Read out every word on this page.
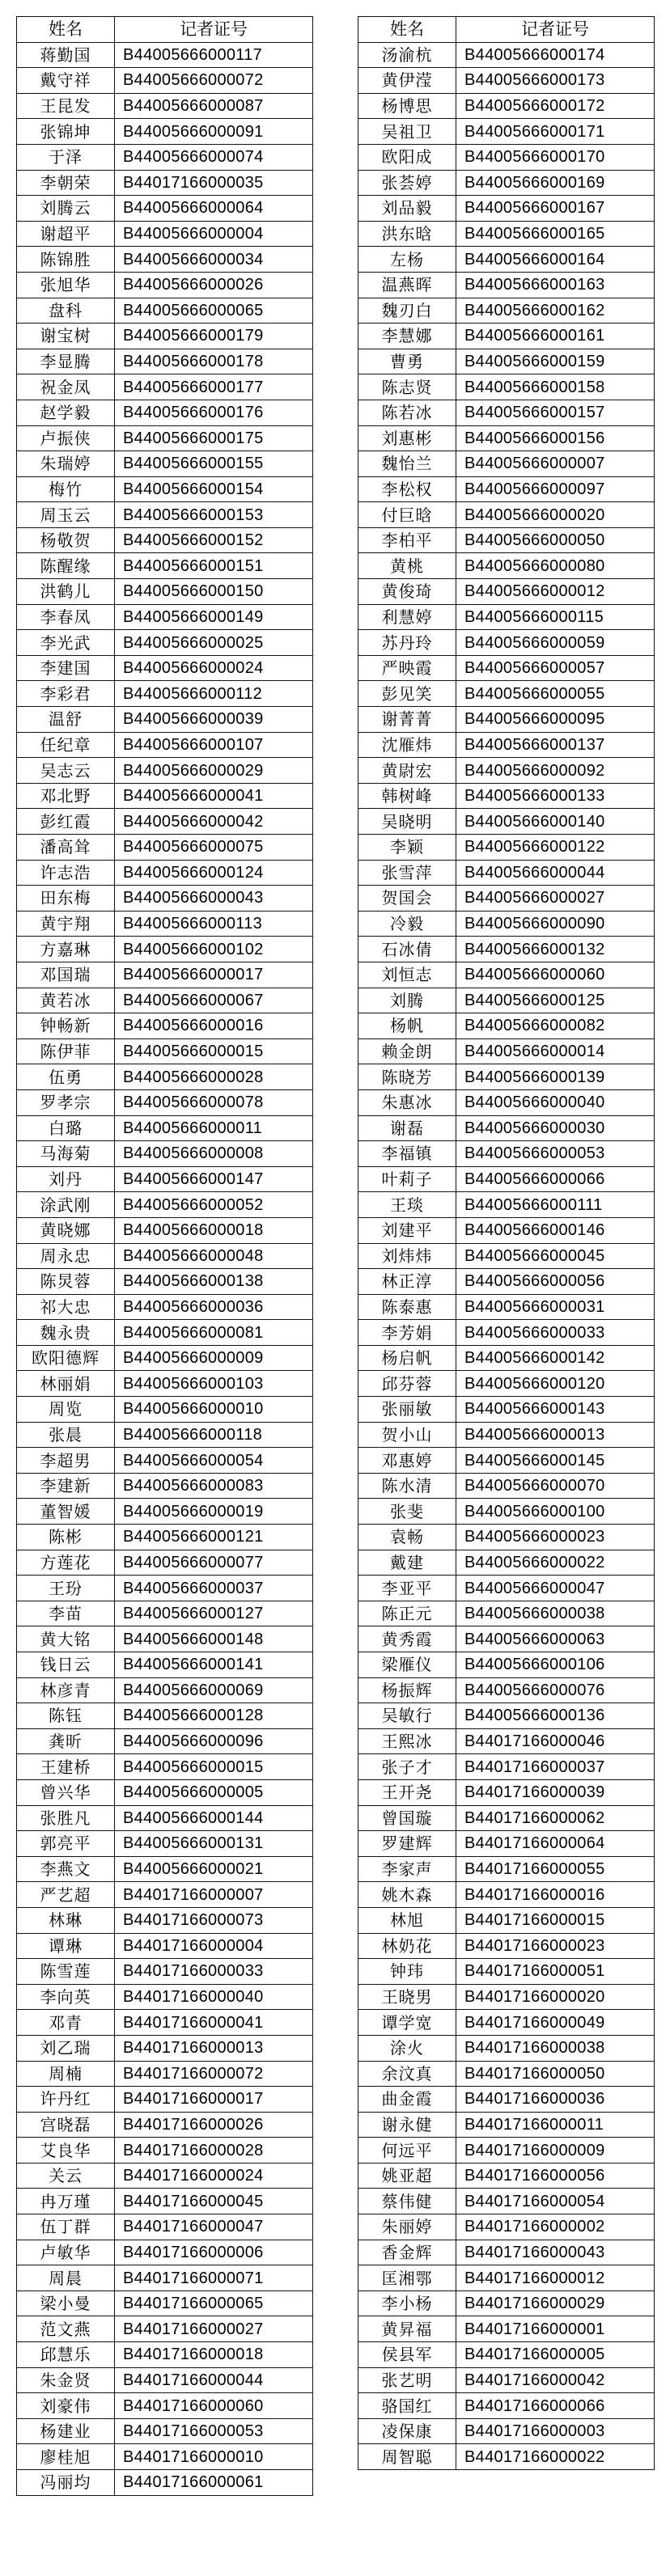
姓名	记者证号
蒋勤国	B44005666000117
戴守祥	B44005666000072
王昆发	B44005666000087
张锦坤	B44005666000091
于泽	B44005666000074
李朝荣	B44017166000035
刘腾云	B44005666000064
谢超平	B44005666000004
陈锦胜	B44005666000034
张旭华	B44005666000026
盘科	B44005666000065
谢宝树	B44005666000179
李显腾	B44005666000178
祝金凤	B44005666000177
赵学毅	B44005666000176
卢振侠	B44005666000175
朱瑞婷	B44005666000155
梅竹	B44005666000154
周玉云	B44005666000153
杨敬贺	B44005666000152
陈醒缘	B44005666000151
洪鹤儿	B44005666000150
李春凤	B44005666000149
李光武	B44005666000025
李建国	B44005666000024
李彩君	B44005666000112
温舒	B44005666000039
任纪章	B44005666000107
吴志云	B44005666000029
邓北野	B44005666000041
彭红霞	B44005666000042
潘高耸	B44005666000075
许志浩	B44005666000124
田东梅	B44005666000043
黄宇翔	B44005666000113
方嘉琳	B44005666000102
邓国瑞	B44005666000017
黄若冰	B44005666000067
钟畅新	B44005666000016
陈伊菲	B44005666000015
伍勇	B44005666000028
罗孝宗	B44005666000078
白璐	B44005666000011
马海菊	B44005666000008
刘丹	B44005666000147
涂武刚	B44005666000052
黄晓娜	B44005666000018
周永忠	B44005666000048
陈炅蓉	B44005666000138
祁大忠	B44005666000036
魏永贵	B44005666000081
欧阳德辉	B44005666000009
林丽娟	B44005666000103
周览	B44005666000010
张晨	B44005666000118
李超男	B44005666000054
李建新	B44005666000083
董智媛	B44005666000019
陈彬	B44005666000121
方莲花	B44005666000077
王玢	B44005666000037
李苗	B44005666000127
黄大铭	B44005666000148
钱日云	B44005666000141
林彦青	B44005666000069
陈钰	B44005666000128
龚昕	B44005666000096
王建桥	B44005666000015
曾兴华	B44005666000005
张胜凡	B44005666000144
郭亮平	B44005666000131
李燕文	B44005666000021
严艺超	B44017166000007
林琳	B44017166000073
谭琳	B44017166000004
陈雪莲	B44017166000033
李向英	B44017166000040
邓青	B44017166000041
刘乙瑞	B44017166000013
周楠	B44017166000072
许丹红	B44017166000017
宫晓磊	B44017166000026
艾良华	B44017166000028
关云	B44017166000024
冉万瑾	B44017166000045
伍丁群	B44017166000047
卢敏华	B44017166000006
周晨	B44017166000071
梁小曼	B44017166000065
范文燕	B44017166000027
邱慧乐	B44017166000018
朱金贤	B44017166000044
刘豪伟	B44017166000060
杨建业	B44017166000053
廖桂旭	B44017166000010
冯丽均	B44017166000061
姓名	记者证号
汤渝杭	B44005666000174
黄伊滢	B44005666000173
杨博思	B44005666000172
吴祖卫	B44005666000171
欧阳成	B44005666000170
张荟婷	B44005666000169
刘品毅	B44005666000167
洪东晗	B44005666000165
左杨	B44005666000164
温燕晖	B44005666000163
魏刃白	B44005666000162
李慧娜	B44005666000161
曹勇	B44005666000159
陈志贤	B44005666000158
陈若冰	B44005666000157
刘惠彬	B44005666000156
魏怡兰	B44005666000007
李松权	B44005666000097
付巨晗	B44005666000020
李柏平	B44005666000050
黄桃	B44005666000080
黄俊琦	B44005666000012
利慧婷	B44005666000115
苏丹玲	B44005666000059
严映霞	B44005666000057
彭见笑	B44005666000055
谢菁菁	B44005666000095
沈雁炜	B44005666000137
黄尉宏	B44005666000092
韩树峰	B44005666000133
吴晓明	B44005666000140
李颖	B44005666000122
张雪萍	B44005666000044
贺国会	B44005666000027
冷毅	B44005666000090
石冰倩	B44005666000132
刘恒志	B44005666000060
刘腾	B44005666000125
杨帆	B44005666000082
赖金朗	B44005666000014
陈晓芳	B44005666000139
朱惠冰	B44005666000040
谢磊	B44005666000030
李福镇	B44005666000053
叶莉子	B44005666000066
王琰	B44005666000111
刘建平	B44005666000146
刘炜炜	B44005666000045
林正淳	B44005666000056
陈泰惠	B44005666000031
李芳娟	B44005666000033
杨启帆	B44005666000142
邱芬蓉	B44005666000120
张丽敏	B44005666000143
贺小山	B44005666000013
邓惠婷	B44005666000145
陈水清	B44005666000070
张斐	B44005666000100
袁畅	B44005666000023
戴建	B44005666000022
李亚平	B44005666000047
陈正元	B44005666000038
黄秀霞	B44005666000063
梁雁仪	B44005666000106
杨振辉	B44005666000076
吴敏行	B44005666000136
王熙冰	B44017166000046
张子才	B44017166000037
王开尧	B44017166000039
曾国璇	B44017166000062
罗建辉	B44017166000064
李家声	B44017166000055
姚木森	B44017166000016
林旭	B44017166000015
林奶花	B44017166000023
钟玮	B44017166000051
王晓男	B44017166000020
谭学宽	B44017166000049
涂火	B44017166000038
余汶真	B44017166000050
曲金霞	B44017166000036
谢永健	B44017166000011
何远平	B44017166000009
姚亚超	B44017166000056
蔡伟健	B44017166000054
朱丽婷	B44017166000002
香金辉	B44017166000043
匡湘鄂	B44017166000012
李小杨	B44017166000029
黄昇福	B44017166000001
侯县军	B44017166000005
张艺明	B44017166000042
骆国红	B44017166000066
凌保康	B44017166000003
周智聪	B44017166000022
